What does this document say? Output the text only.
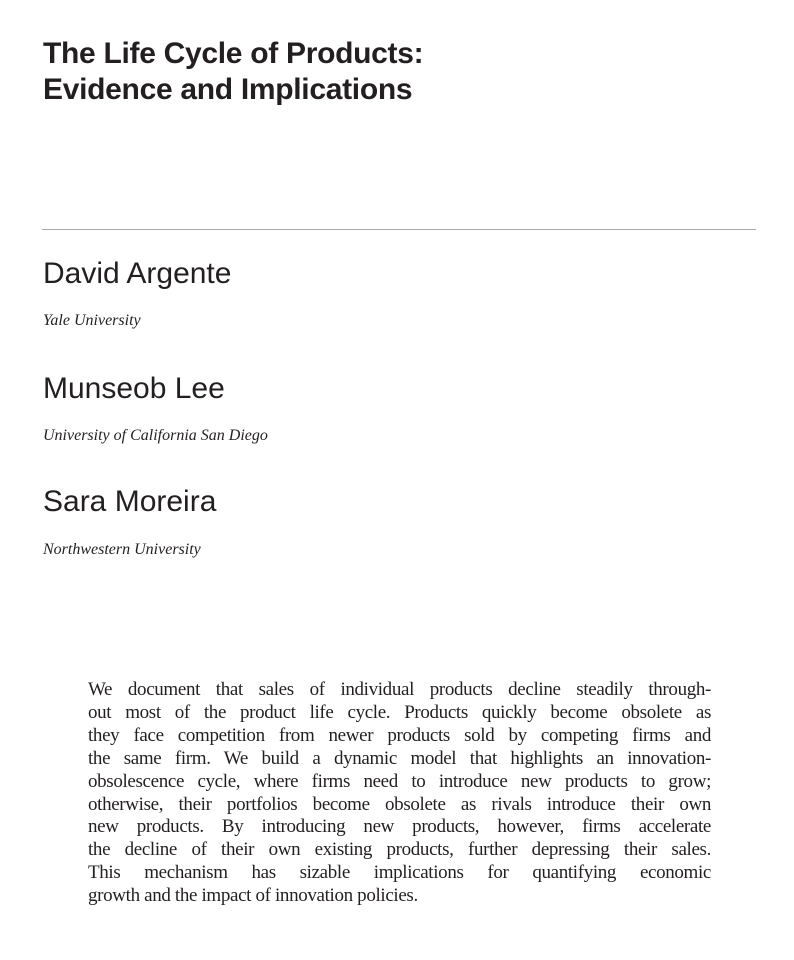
The Life Cycle of Products:
Evidence and Implications
David Argente
Yale University
Munseob Lee
University of California San Diego
Sara Moreira
Northwestern University
We document that sales of individual products decline steadily through-
out most of the product life cycle. Products quickly become obsolete as
they face competition from newer products sold by competing firms and
the same firm. We build a dynamic model that highlights an innovation-
obsolescence cycle, where firms need to introduce new products to grow;
otherwise, their portfolios become obsolete as rivals introduce their own
new products. By introducing new products, however, firms accelerate
the decline of their own existing products, further depressing their sales.
This mechanism has sizable implications for quantifying economic
growth and the impact of innovation policies.
